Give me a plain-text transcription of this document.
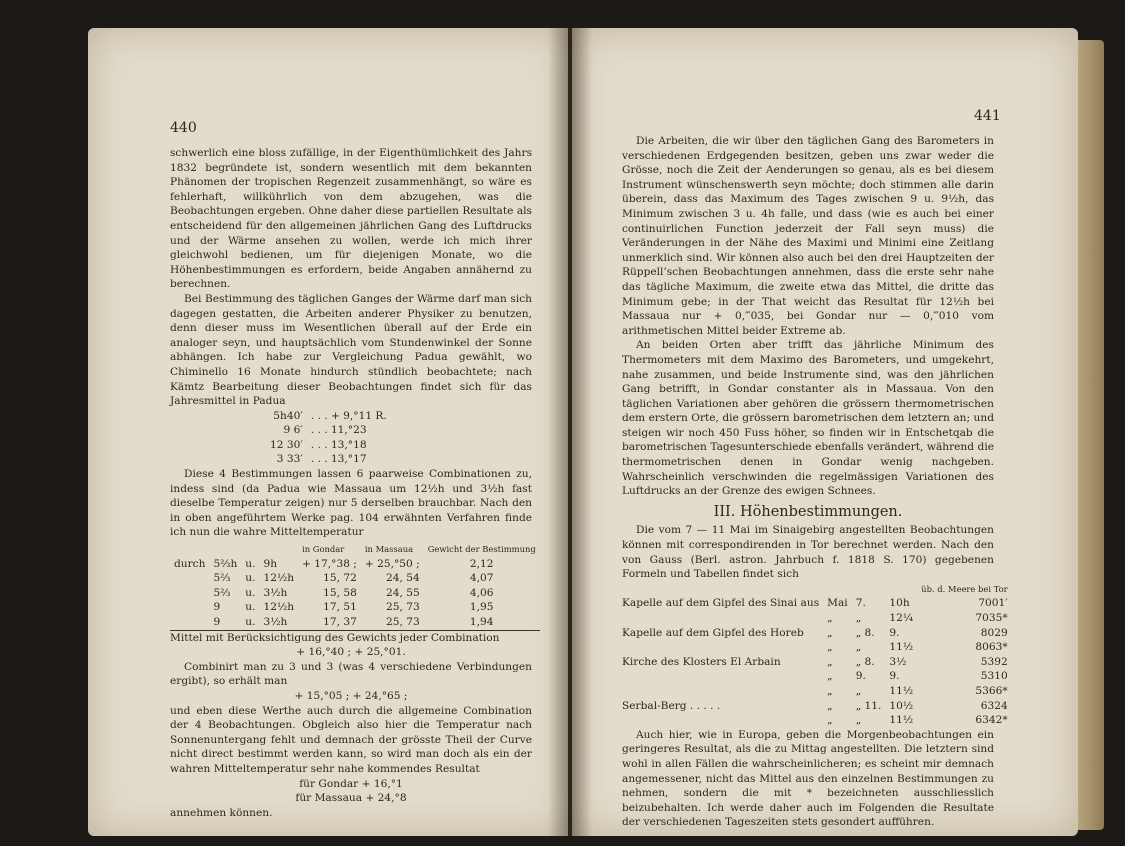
440

schwerlich eine bloss zufällige, in der Eigenthümlichkeit des Jahrs 1832 begründete ist, sondern wesentlich mit dem bekannten Phänomen der tropischen Regenzeit zusammenhängt, so wäre es fehlerhaft, willkührlich von dem abzugehen, was die Beobachtungen ergeben. Ohne daher diese partiellen Resultate als entscheidend für den allgemeinen jährlichen Gang des Luftdrucks und der Wärme ansehen zu wollen, werde ich mich ihrer gleichwohl bedienen, um für diejenigen Monate, wo die Höhenbestimmungen es erfordern, beide Angaben annähernd zu berechnen.

Bei Bestimmung des täglichen Ganges der Wärme darf man sich dagegen gestatten, die Arbeiten anderer Physiker zu benutzen, denn dieser muss im Wesentlichen überall auf der Erde ein analoger seyn, und hauptsächlich vom Stundenwinkel der Sonne abhängen. Ich habe zur Vergleichung Padua gewählt, wo Chiminello 16 Monate hindurch stündlich beobachtete; nach Kämtz Bearbeitung dieser Beobachtungen findet sich für das Jahresmittel in Padua

5h40′	. . . + 9,°11 R.
9 6′	. . . 11,°23
12 30′	. . . 13,°18
3 33′	. . . 13,°17

Diese 4 Bestimmungen lassen 6 paarweise Combinationen zu, indess sind (da Padua wie Massaua um 12½h und 3½h fast dieselbe Temperatur zeigen) nur 5 derselben brauchbar. Nach den in oben angeführtem Werke pag. 104 erwähnten Verfahren finde ich nun die wahre Mitteltemperatur

				in Gondar	in Massaua	Gewicht der Bestimmung
durch	5⅔h	u.	9h	+ 17,°38 ;	+ 25,°50 ;	2,12
	5⅔	u.	12½h	15, 72	24, 54	4,07
	5⅔	u.	3½h	15, 58	24, 55	4,06
	9	u.	12½h	17, 51	25, 73	1,95
	9	u.	3½h	17, 37	25, 73	1,94

Mittel mit Berücksichtigung des Gewichts jeder Combination

+ 16,°40 ; + 25,°01.

Combinirt man zu 3 und 3 (was 4 verschiedene Verbindungen ergibt), so erhält man

+ 15,°05 ; + 24,°65 ;

und eben diese Werthe auch durch die allgemeine Combination der 4 Beobachtungen. Obgleich also hier die Temperatur nach Sonnenuntergang fehlt und demnach der grösste Theil der Curve nicht direct bestimmt werden kann, so wird man doch als ein der wahren Mitteltemperatur sehr nahe kommendes Resultat

für Gondar + 16,°1

für Massaua + 24,°8

annehmen können.

441

Die Arbeiten, die wir über den täglichen Gang des Barometers in verschiedenen Erdgegenden besitzen, geben uns zwar weder die Grösse, noch die Zeit der Aenderungen so genau, als es bei diesem Instrument wünschenswerth seyn möchte; doch stimmen alle darin überein, dass das Maximum des Tages zwischen 9 u. 9½h, das Minimum zwischen 3 u. 4h falle, und dass (wie es auch bei einer continuirlichen Function jederzeit der Fall seyn muss) die Veränderungen in der Nähe des Maximi und Minimi eine Zeitlang unmerklich sind. Wir können also auch bei den drei Hauptzeiten der Rüppell’schen Beobachtungen annehmen, dass die erste sehr nahe das tägliche Maximum, die zweite etwa das Mittel, die dritte das Minimum gebe; in der That weicht das Resultat für 12½h bei Massaua nur + 0,‴035, bei Gondar nur — 0,‴010 vom arithmetischen Mittel beider Extreme ab.

An beiden Orten aber trifft das jährliche Minimum des Thermometers mit dem Maximo des Barometers, und umgekehrt, nahe zusammen, und beide Instrumente sind, was den jährlichen Gang betrifft, in Gondar constanter als in Massaua. Von den täglichen Variationen aber gehören die grössern thermometrischen dem erstern Orte, die grössern barometrischen dem letztern an; und steigen wir noch 450 Fuss höher, so finden wir in Entschetqab die barometrischen Tagesunterschiede ebenfalls verändert, während die thermometrischen denen in Gondar wenig nachgeben. Wahrscheinlich verschwinden die regelmässigen Variationen des Luftdrucks an der Grenze des ewigen Schnees.

III. Höhenbestimmungen.

Die vom 7 — 11 Mai im Sinaigebirg angestellten Beobachtungen können mit correspondirenden in Tor berechnet werden. Nach den von Gauss (Berl. astron. Jahrbuch f. 1818 S. 170) gegebenen Formeln und Tabellen findet sich

				üb. d. Meere bei Tor
Kapelle auf dem Gipfel des Sinai aus	Mai	7.	10h	7001′
	„	„	12¼	7035*
Kapelle auf dem Gipfel des Horeb	„	„ 8.	9.	8029
	„	„	11½	8063*
Kirche des Klosters El Arbain	„	„ 8.	3½	5392
	„	9.	9.	5310
	„	„	11½	5366*
Serbal-Berg . . . . .	„	„ 11.	10½	6324
	„	„	11½	6342*

Auch hier, wie in Europa, geben die Morgenbeobachtungen ein geringeres Resultat, als die zu Mittag angestellten. Die letztern sind wohl in allen Fällen die wahrscheinlicheren; es scheint mir demnach angemessener, nicht das Mittel aus den einzelnen Bestimmungen zu nehmen, sondern die mit * bezeichneten ausschliesslich beizubehalten. Ich werde daher auch im Folgenden die Resultate der verschiedenen Tageszeiten stets gesondert aufführen.
